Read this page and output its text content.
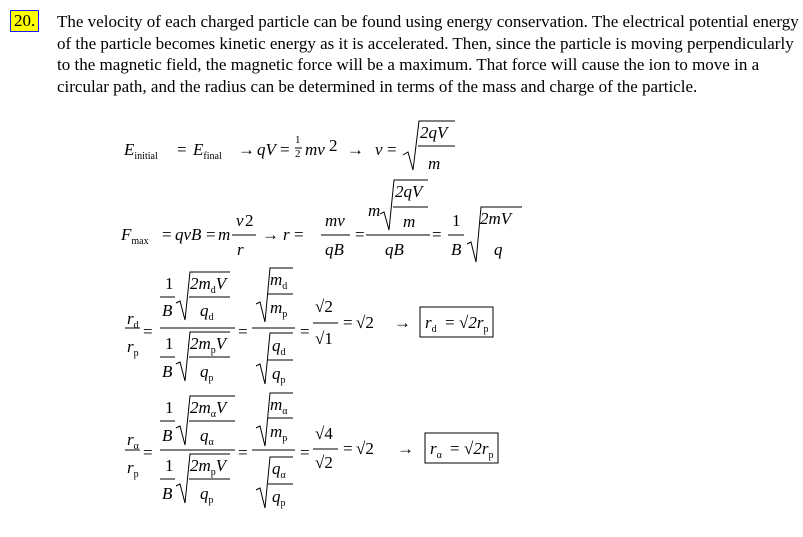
20. The velocity of each charged particle can be found using energy conservation. The electrical potential energy of the particle becomes kinetic energy as it is accelerated. Then, since the particle is moving perpendicularly to the magnetic field, the magnetic force will be a maximum. That force will cause the ion to move in a circular path, and the radius can be determined in terms of the mass and charge of the particle.
$E_{initial} = E_{final}$ → qV = 1
2 mv 2 → v =
2qV
m
$F_{max}$ = qvB = m
v 2
r
→ r =
mv
qB
=
m
2qV
m
qB
=
1
B
2mV
q
$r_d$
$r_p$
=
1
B
$2m_dV$
$q_d$
1
B
$2m_pV$
$q_p$
=
$m_d$
$m_p$
$q_d$
$q_p$
=
√2
√1
= $√2 \to r_d = √2r_p$
$r_\alpha$
$r_p$
=
1
B
$2m_\alpha V$
$q_\alpha$
1
B
$2m_pV$
$q_p$
=
$m_\alpha$
$m_p$
$q_\alpha$
$q_p$
=
√4
√2
= $√2 \to r_\alpha = √2r_p$
